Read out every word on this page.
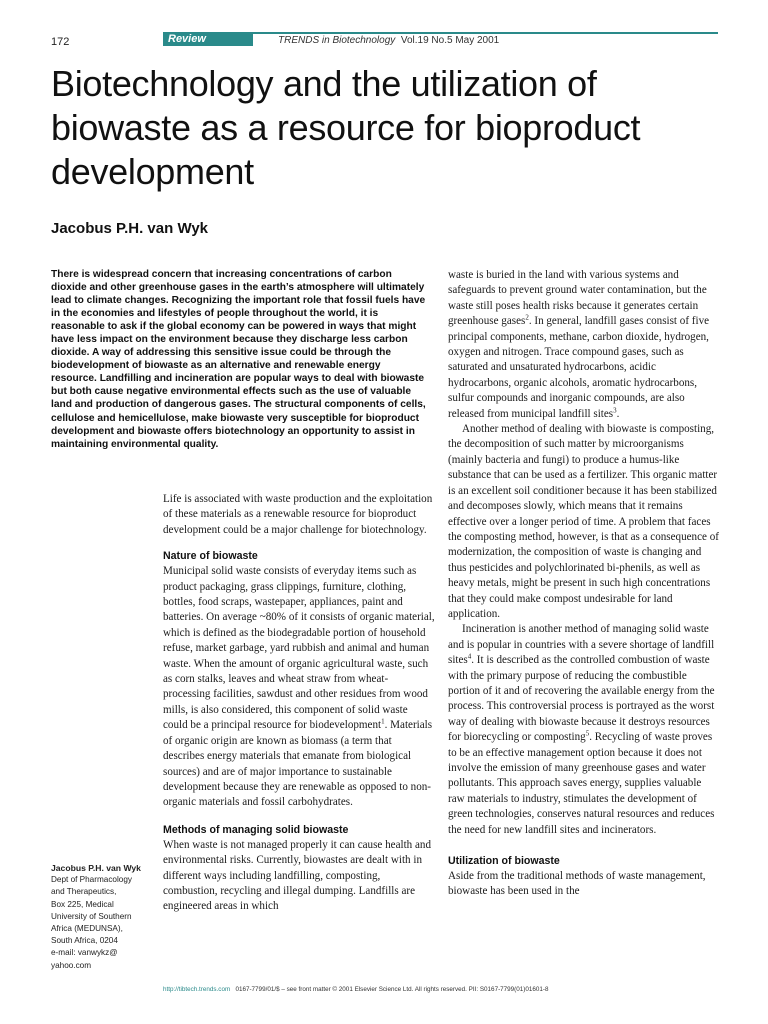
172	Review	TRENDS in Biotechnology Vol.19 No.5 May 2001
Biotechnology and the utilization of biowaste as a resource for bioproduct development

Jacobus P.H. van Wyk

There is widespread concern that increasing concentrations of carbon dioxide and other greenhouse gases in the earth’s atmosphere will ultimately lead to climate changes. Recognizing the important role that fossil fuels have in the economies and lifestyles of people throughout the world, it is reasonable to ask if the global economy can be powered in ways that might have less impact on the environment because they discharge less carbon dioxide. A way of addressing this sensitive issue could be through the biodevelopment of biowaste as an alternative and renewable energy resource. Landfilling and incineration are popular ways to deal with biowaste but both cause negative environmental effects such as the use of valuable land and production of dangerous gases. The structural components of cells, cellulose and hemicellulose, make biowaste very susceptible for bioproduct development and biowaste offers biotechnology an opportunity to assist in maintaining environmental quality.

Life is associated with waste production and the exploitation of these materials as a renewable resource for bioproduct development could be a major challenge for biotechnology.

Nature of biowaste

Municipal solid waste consists of everyday items such as product packaging, grass clippings, furniture, clothing, bottles, food scraps, wastepaper, appliances, paint and batteries. On average ~80% of it consists of organic material, which is defined as the biodegradable portion of household refuse, market garbage, yard rubbish and animal and human waste. When the amount of organic agricultural waste, such as corn stalks, leaves and wheat straw from wheat-processing facilities, sawdust and other residues from wood mills, is also considered, this component of solid waste could be a principal resource for biodevelopment$^1$. Materials of organic origin are known as biomass (a term that describes energy materials that emanate from biological sources) and are of major importance to sustainable development because they are renewable as opposed to non-organic materials and fossil carbohydrates.

Methods of managing solid biowaste

When waste is not managed properly it can cause health and environmental risks. Currently, biowastes are dealt with in different ways including landfilling, composting, combustion, recycling and illegal dumping. Landfills are engineered areas in which

waste is buried in the land with various systems and safeguards to prevent ground water contamination, but the waste still poses health risks because it generates certain greenhouse gases$^2$. In general, landfill gases consist of five principal components, methane, carbon dioxide, hydrogen, oxygen and nitrogen. Trace compound gases, such as saturated and unsaturated hydrocarbons, acidic hydrocarbons, organic alcohols, aromatic hydrocarbons, sulfur compounds and inorganic compounds, are also released from municipal landfill sites$^3$.

Another method of dealing with biowaste is composting, the decomposition of such matter by microorganisms (mainly bacteria and fungi) to produce a humus-like substance that can be used as a fertilizer. This organic matter is an excellent soil conditioner because it has been stabilized and decomposes slowly, which means that it remains effective over a longer period of time. A problem that faces the composting method, however, is that as a consequence of modernization, the composition of waste is changing and thus pesticides and polychlorinated bi-phenils, as well as heavy metals, might be present in such high concentrations that they could make compost undesirable for land application.

Incineration is another method of managing solid waste and is popular in countries with a severe shortage of landfill sites$^4$. It is described as the controlled combustion of waste with the primary purpose of reducing the combustible portion of it and of recovering the available energy from the process. This controversial process is portrayed as the worst way of dealing with biowaste because it destroys resources for biorecycling or composting$^5$. Recycling of waste proves to be an effective management option because it does not involve the emission of many greenhouse gases and water pollutants. This approach saves energy, supplies valuable raw materials to industry, stimulates the development of green technologies, conserves natural resources and reduces the need for new landfill sites and incinerators.

Utilization of biowaste

Aside from the traditional methods of waste management, biowaste has been used in the

Jacobus P.H. van Wyk
Dept of Pharmacology
and Therapeutics,
Box 225, Medical
University of Southern
Africa (MEDUNSA),
South Africa, 0204
e-mail: vanwykz@
yahoo.com
http://tibtech.trends.com 0167-7799/01/$ – see front matter © 2001 Elsevier Science Ltd. All rights reserved. PII: S0167-7799(01)01601-8
